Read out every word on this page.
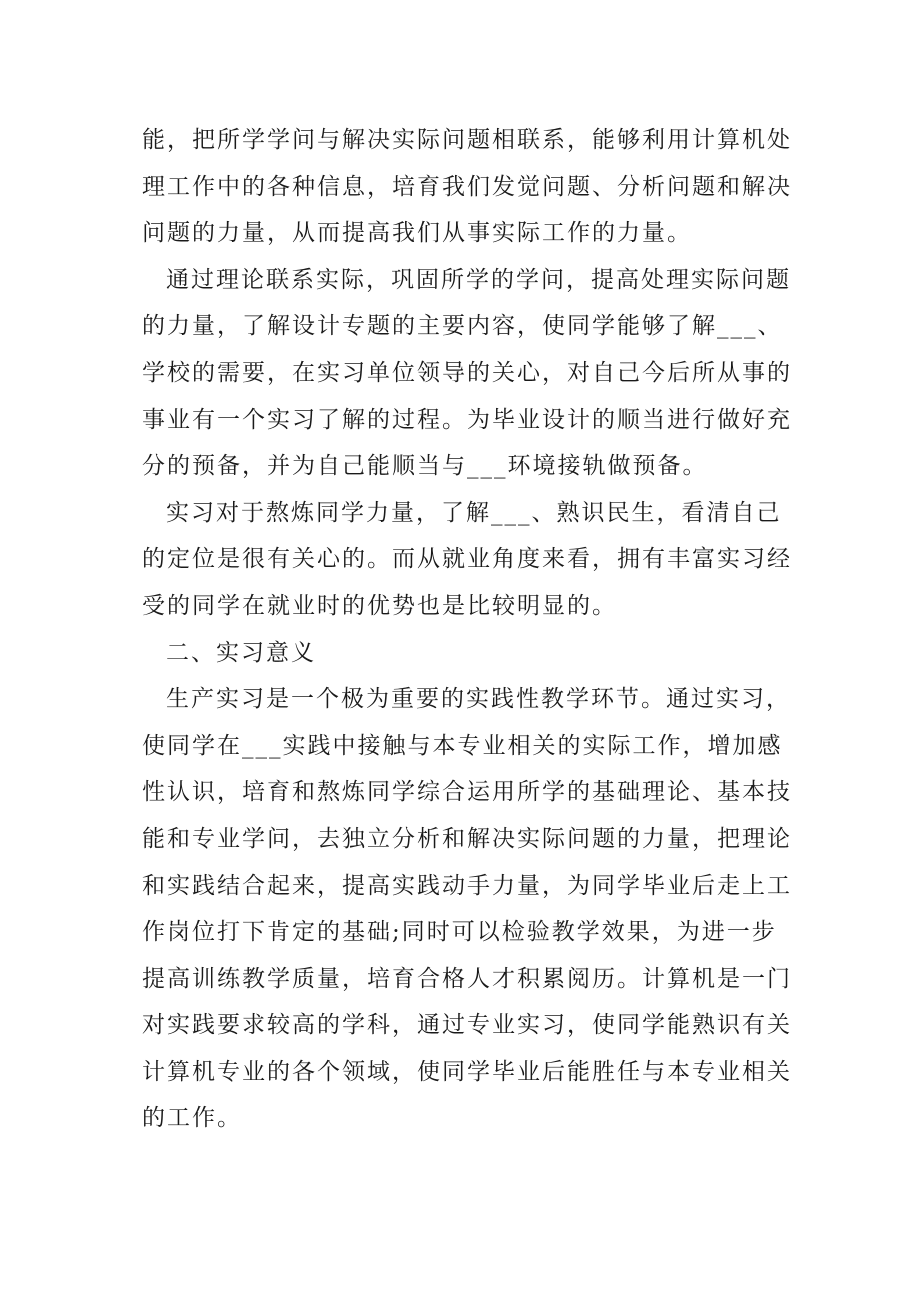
能，把所学学问与解决实际问题相联系，能够利用计算机处
理工作中的各种信息，培育我们发觉问题、分析问题和解决
问题的力量，从而提高我们从事实际工作的力量。
通过理论联系实际，巩固所学的学问，提高处理实际问题
的力量，了解设计专题的主要内容，使同学能够了解___、
学校的需要，在实习单位领导的关心，对自己今后所从事的
事业有一个实习了解的过程。为毕业设计的顺当进行做好充
分的预备，并为自己能顺当与___环境接轨做预备。
实习对于熬炼同学力量，了解___、熟识民生，看清自己
的定位是很有关心的。而从就业角度来看，拥有丰富实习经
受的同学在就业时的优势也是比较明显的。
二、实习意义
生产实习是一个极为重要的实践性教学环节。通过实习，
使同学在___实践中接触与本专业相关的实际工作，增加感
性认识，培育和熬炼同学综合运用所学的基础理论、基本技
能和专业学问，去独立分析和解决实际问题的力量，把理论
和实践结合起来，提高实践动手力量，为同学毕业后走上工
作岗位打下肯定的基础;同时可以检验教学效果，为进一步
提高训练教学质量，培育合格人才积累阅历。计算机是一门
对实践要求较高的学科，通过专业实习，使同学能熟识有关
计算机专业的各个领域，使同学毕业后能胜任与本专业相关
的工作。
